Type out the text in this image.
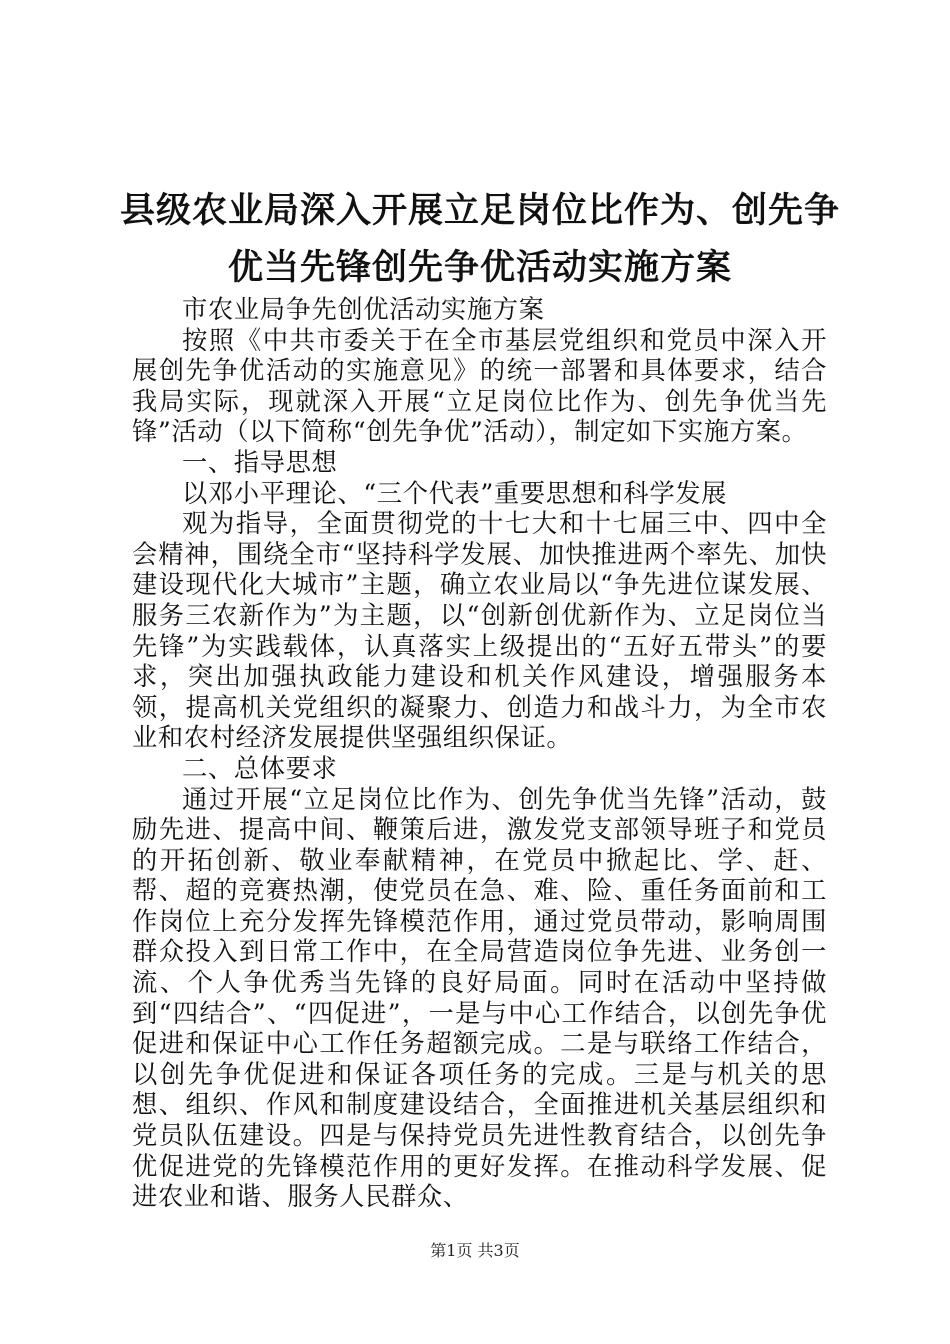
县级农业局深入开展立足岗位比作为、创先争
优当先锋创先争优活动实施方案

市农业局争先创优活动实施方案

按照《中共市委关于在全市基层党组织和党员中深入开展创先争优活动的实施意见》的统一部署和具体要求，结合我局实际，现就深入开展“立足岗位比作为、创先争优当先锋”活动（以下简称“创先争优”活动），制定如下实施方案。

一、指导思想

以邓小平理论、“三个代表”重要思想和科学发展

观为指导，全面贯彻党的十七大和十七届三中、四中全会精神，围绕全市“坚持科学发展、加快推进两个率先、加快建设现代化大城市”主题，确立农业局以“争先进位谋发展、服务三农新作为”为主题，以“创新创优新作为、立足岗位当先锋”为实践载体，认真落实上级提出的“五好五带头”的要求，突出加强执政能力建设和机关作风建设，增强服务本领，提高机关党组织的凝聚力、创造力和战斗力，为全市农业和农村经济发展提供坚强组织保证。

二、总体要求

通过开展“立足岗位比作为、创先争优当先锋”活动，鼓励先进、提高中间、鞭策后进，激发党支部领导班子和党员的开拓创新、敬业奉献精神，在党员中掀起比、学、赶、帮、超的竞赛热潮，使党员在急、难、险、重任务面前和工作岗位上充分发挥先锋模范作用，通过党员带动，影响周围群众投入到日常工作中，在全局营造岗位争先进、业务创一流、个人争优秀当先锋的良好局面。同时在活动中坚持做到“四结合”、“四促进”，一是与中心工作结合，以创先争优促进和保证中心工作任务超额完成。二是与联络工作结合，以创先争优促进和保证各项任务的完成。三是与机关的思想、组织、作风和制度建设结合，全面推进机关基层组织和党员队伍建设。四是与保持党员先进性教育结合，以创先争优促进党的先锋模范作用的更好发挥。在推动科学发展、促进农业和谐、服务人民群众、

第1页 共3页
